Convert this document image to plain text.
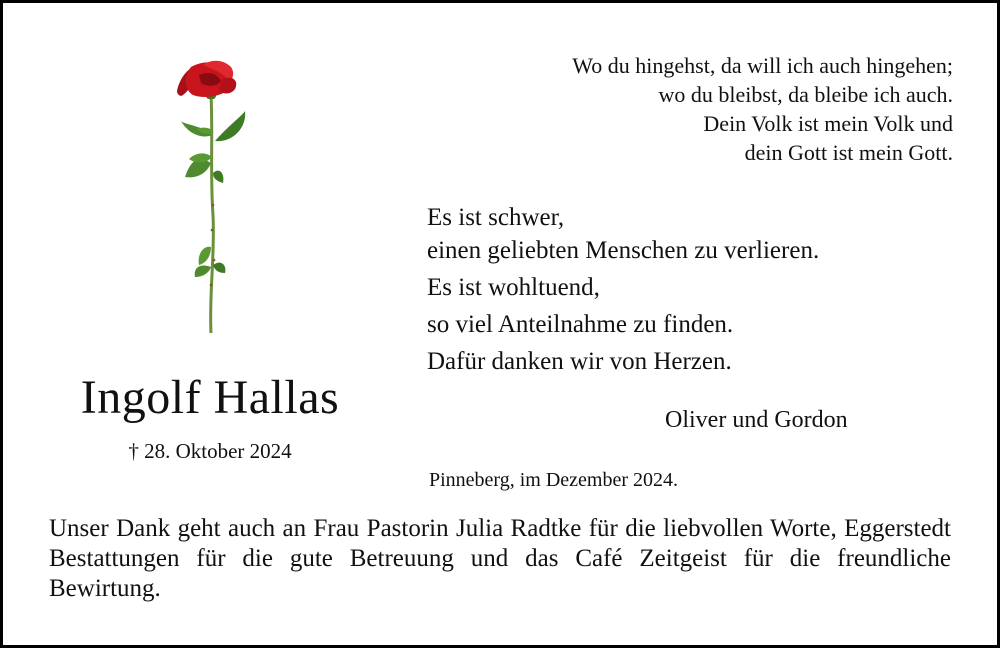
Ingolf Hallas
† 28. Oktober 2024
Wo du hingehst, da will ich auch hingehen;
wo du bleibst, da bleibe ich auch.
Dein Volk ist mein Volk und
dein Gott ist mein Gott.
Es ist schwer,
einen geliebten Menschen zu verlieren.
Es ist wohltuend,
so viel Anteilnahme zu finden.
Dafür danken wir von Herzen.
Oliver und Gordon
Pinneberg, im Dezember 2024.
Unser Dank geht auch an Frau Pastorin Julia Radtke für die liebvollen Worte, Eggerstedt Bestattungen für die gute Betreuung und das Café Zeitgeist für die freundliche Bewirtung.
